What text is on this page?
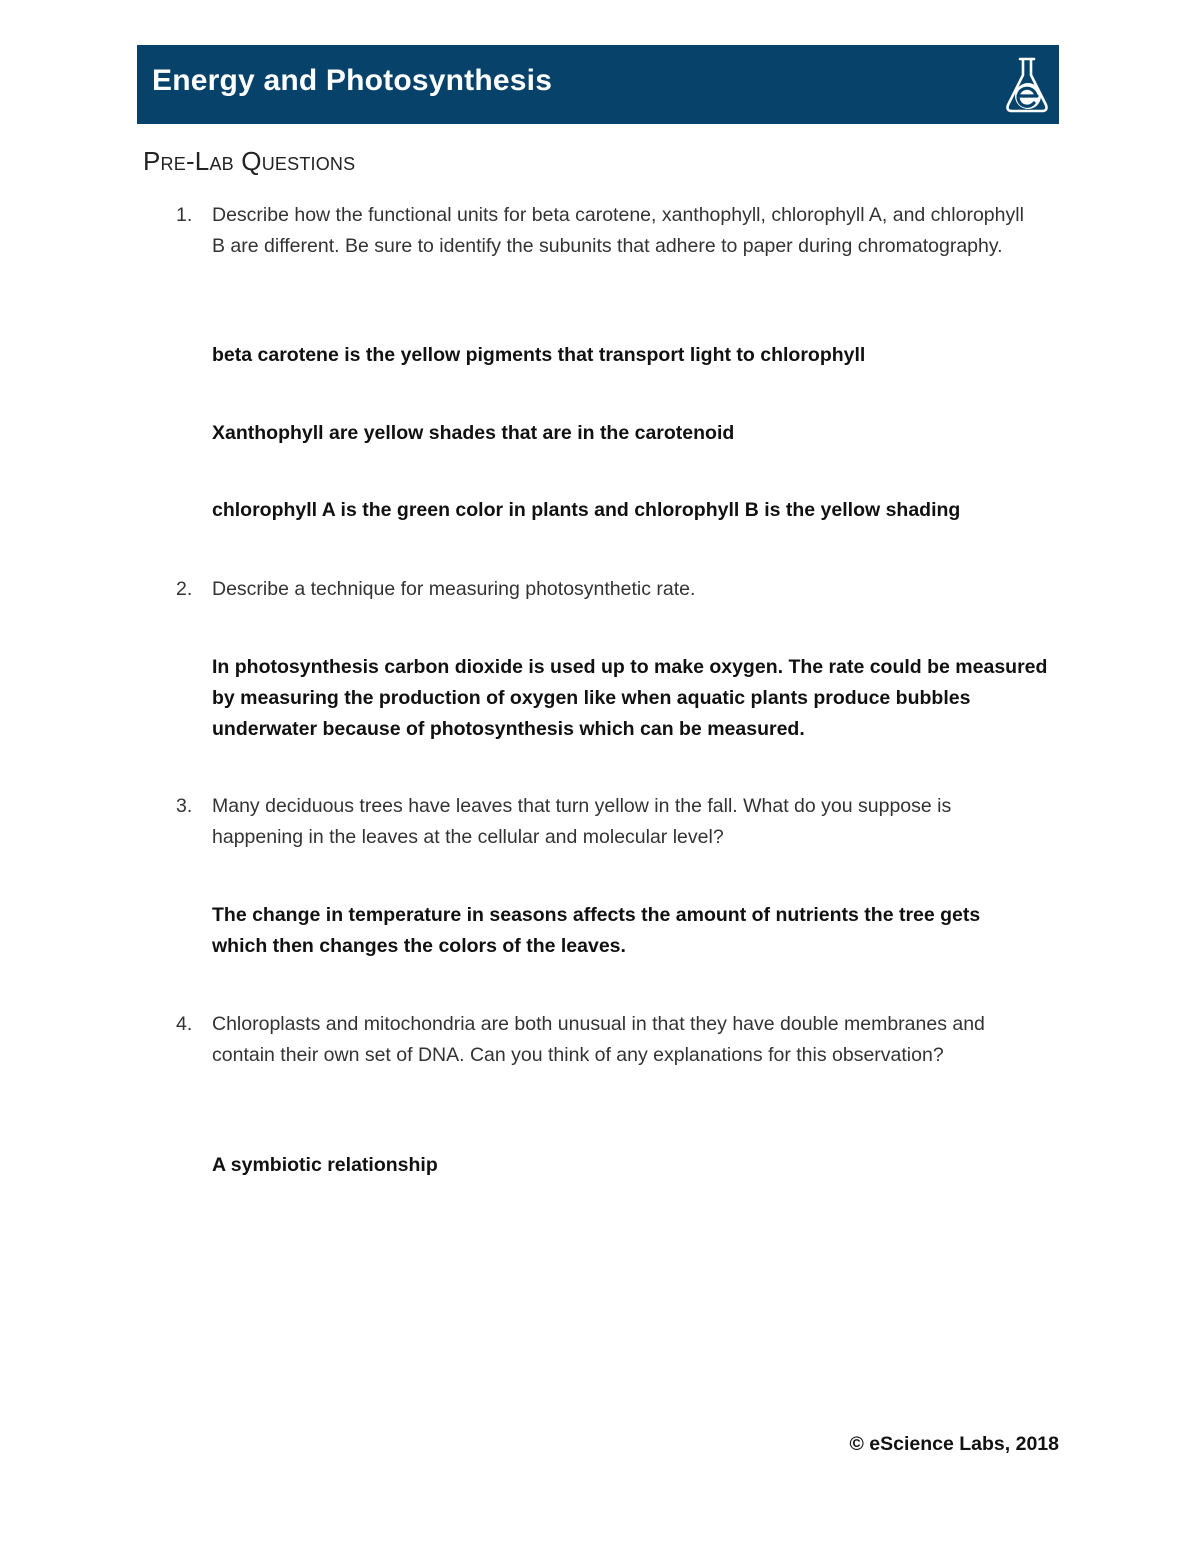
Energy and Photosynthesis
Pre-Lab Questions
1. Describe how the functional units for beta carotene, xanthophyll, chlorophyll A, and chlorophyll B are different. Be sure to identify the subunits that adhere to paper during chromatography.
beta carotene is the yellow pigments that transport light to chlorophyll
Xanthophyll are yellow shades that are in the carotenoid
chlorophyll A is the green color in plants and chlorophyll B is the yellow shading
2. Describe a technique for measuring photosynthetic rate.
In photosynthesis carbon dioxide is used up to make oxygen. The rate could be measured by measuring the production of oxygen like when aquatic plants produce bubbles underwater because of photosynthesis which can be measured.
3. Many deciduous trees have leaves that turn yellow in the fall. What do you suppose is happening in the leaves at the cellular and molecular level?
The change in temperature in seasons affects the amount of nutrients the tree gets which then changes the colors of the leaves.
4. Chloroplasts and mitochondria are both unusual in that they have double membranes and contain their own set of DNA. Can you think of any explanations for this observation?
A symbiotic relationship
© eScience Labs, 2018
